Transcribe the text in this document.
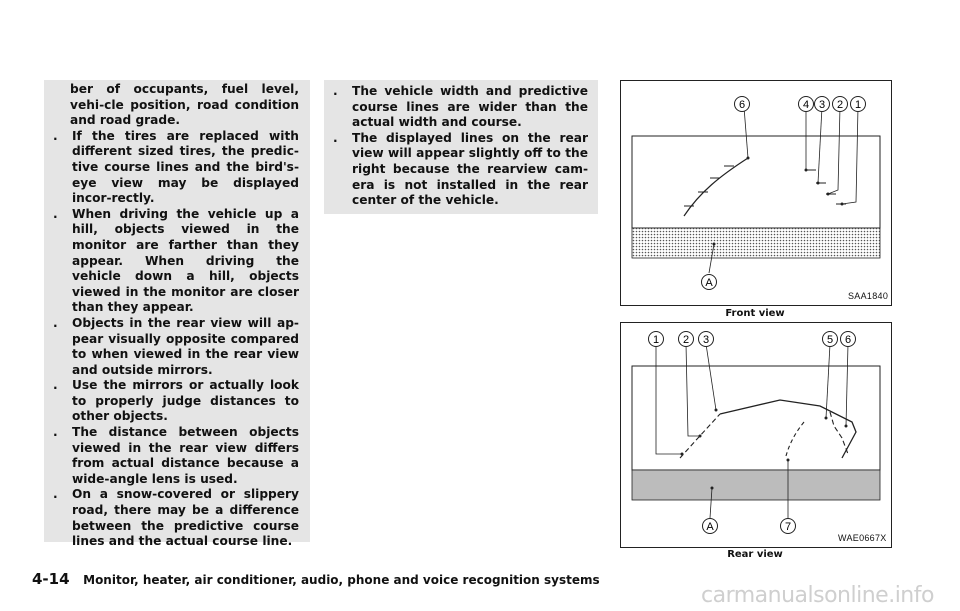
ber of occupants, fuel level, vehi-cle position, road condition and road grade.
. If the tires are replaced with different sized tires, the predic-tive course lines and the bird's-eye view may be displayed incor-rectly.
. When driving the vehicle up a hill, objects viewed in the monitor are farther than they appear. When driving the vehicle down a hill, objects viewed in the monitor are closer than they appear.
. Objects in the rear view will ap-pear visually opposite compared to when viewed in the rear view and outside mirrors.
. Use the mirrors or actually look to properly judge distances to other objects.
. The distance between objects viewed in the rear view differs from actual distance because a wide-angle lens is used.
. On a snow-covered or slippery road, there may be a difference between the predictive course lines and the actual course line.
. The vehicle width and predictive course lines are wider than the actual width and course.
. The displayed lines on the rear view will appear slightly off to the right because the rearview cam-era is not installed in the rear center of the vehicle.
6	4 3 2 1
A
SAA1840
Front view
1 2 3	5 6
A	7
WAE0667X
Rear view
4-14 Monitor, heater, air conditioner, audio, phone and voice recognition systems
carmanualsonline.info
